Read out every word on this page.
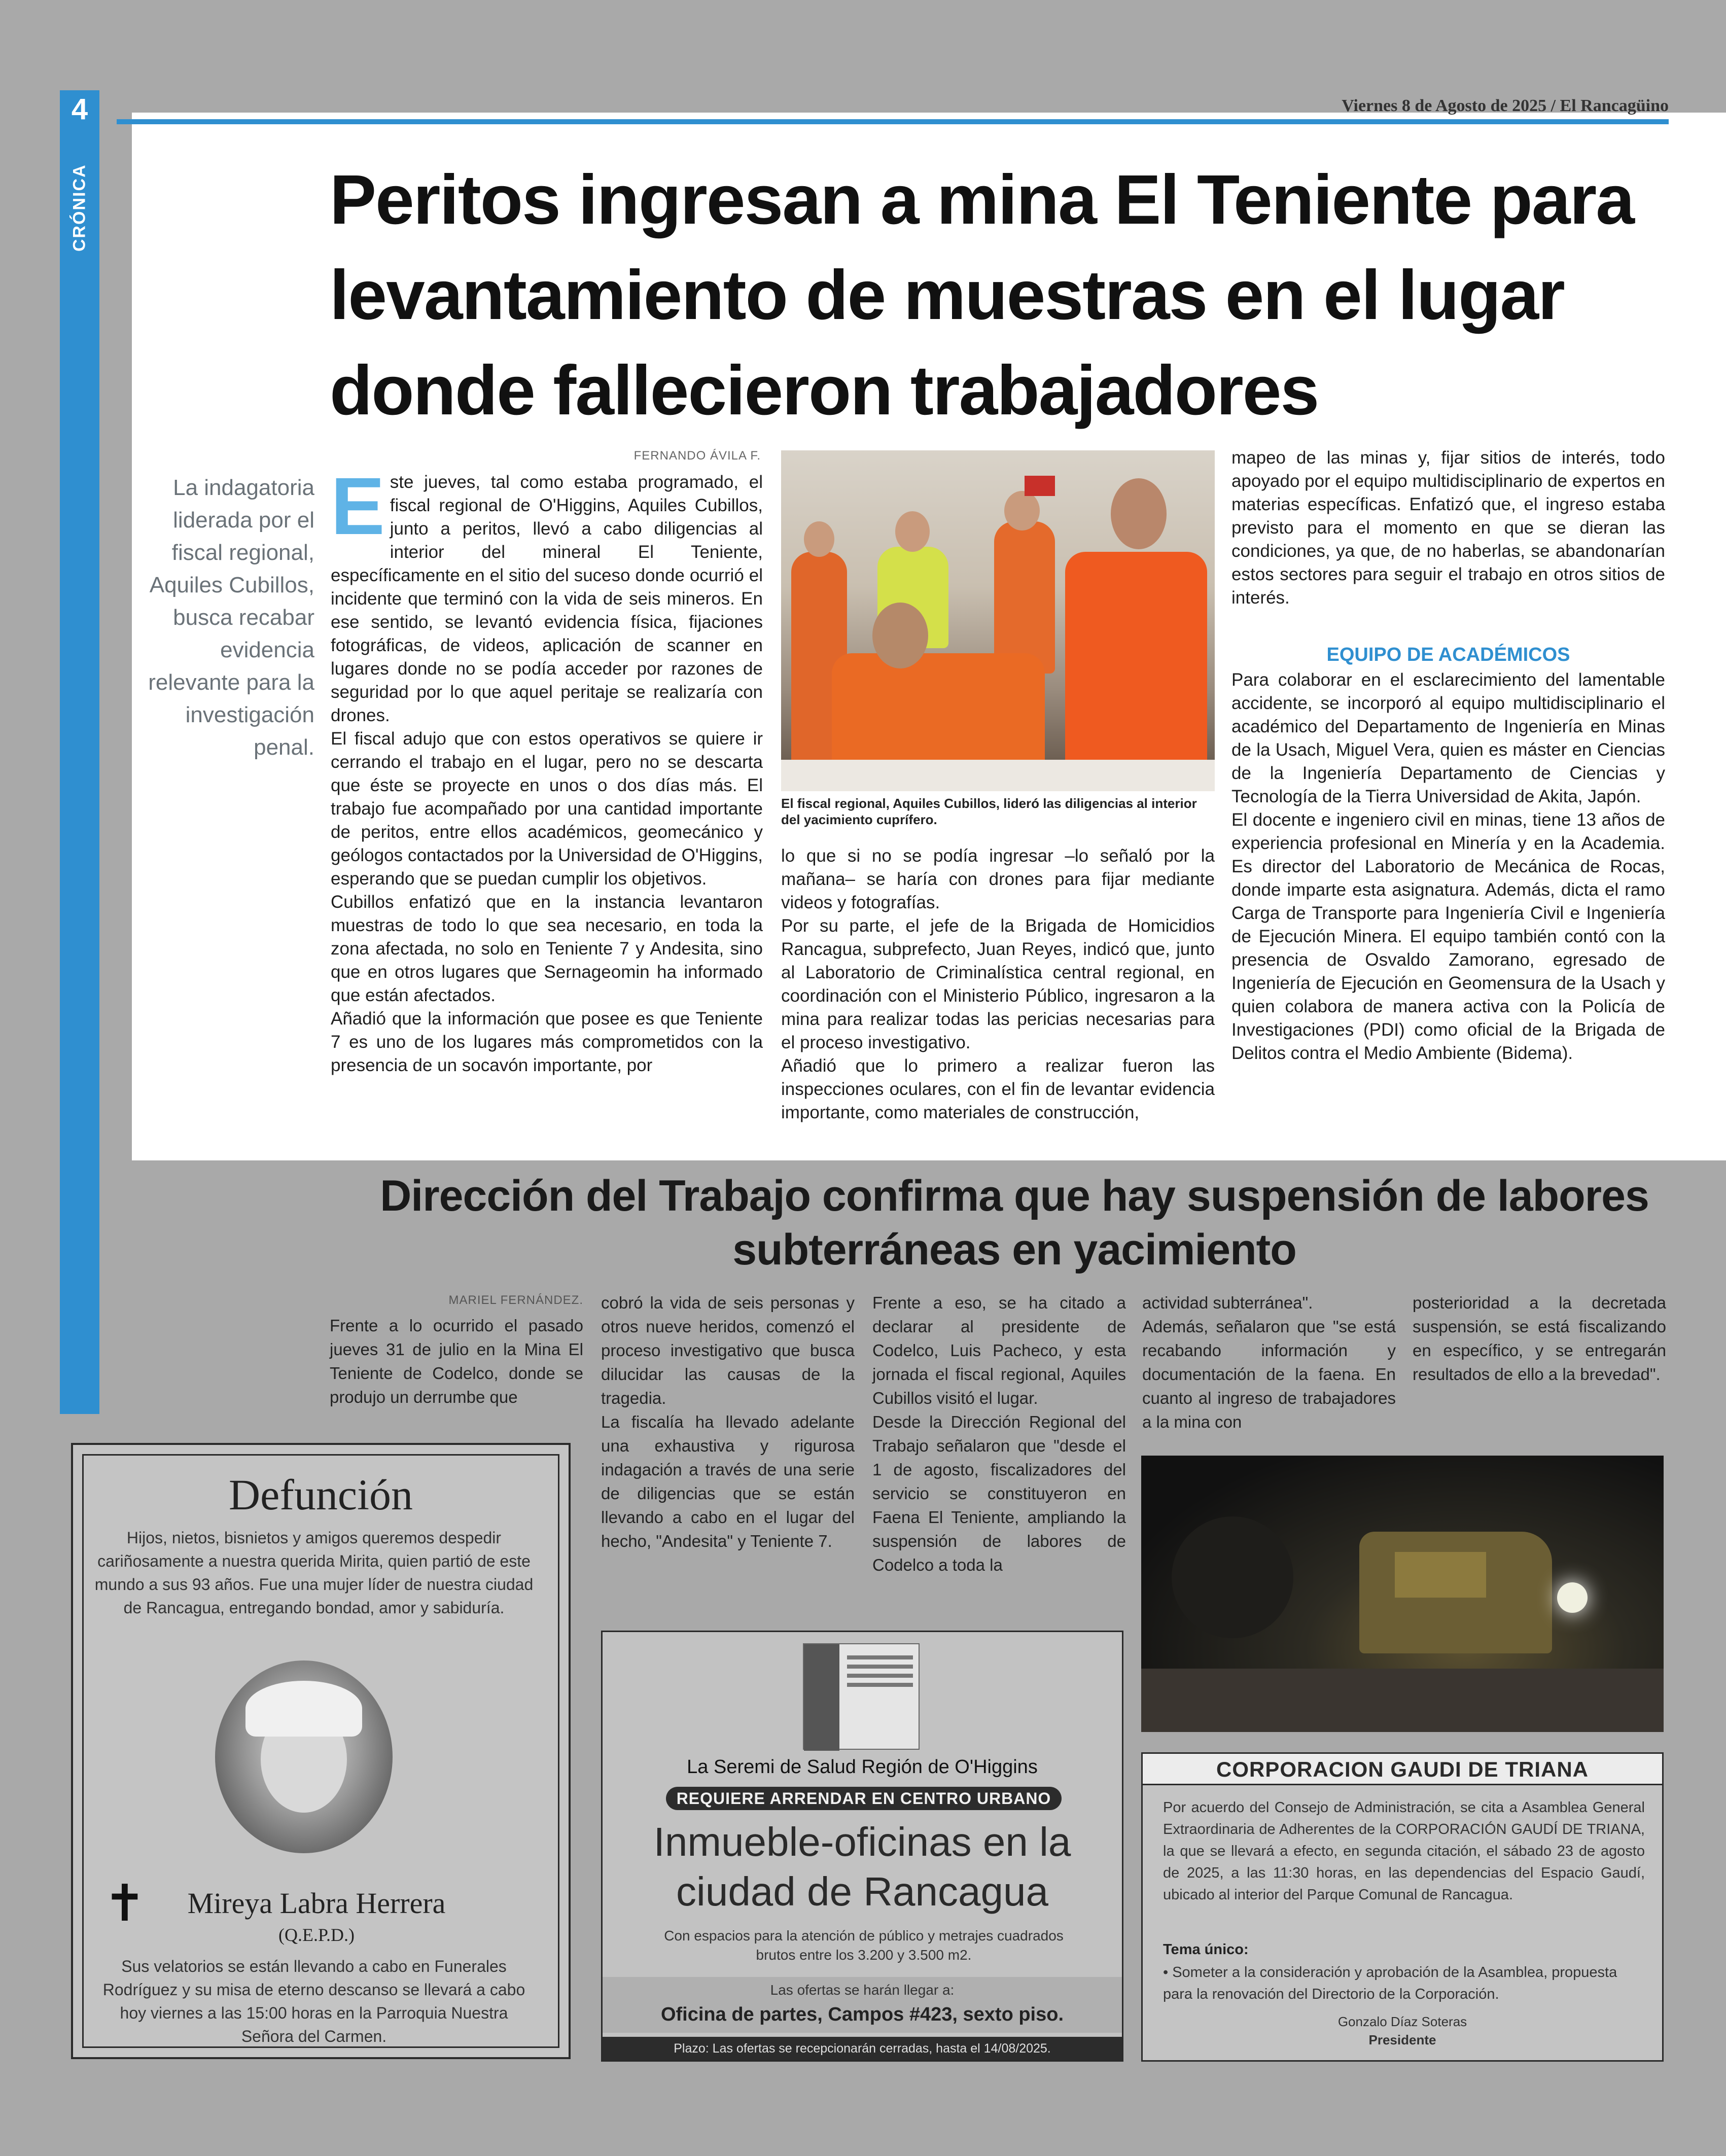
4
CRÓNICA
Viernes 8 de Agosto de 2025 / El Rancagüino
Peritos ingresan a mina El Teniente para levantamiento de muestras en el lugar donde fallecieron trabajadores
La indagatoria liderada por el fiscal regional, Aquiles Cubillos, busca recabar evidencia relevante para la investigación penal.
FERNANDO ÁVILA F.
E ste jueves, tal como estaba programado, el fiscal regional de O'Higgins, Aquiles Cubillos, junto a peritos, llevó a cabo diligencias al interior del mineral El Teniente, específicamente en el sitio del suceso donde ocurrió el incidente que terminó con la vida de seis mineros. En ese sentido, se levantó evidencia física, fijaciones fotográficas, de videos, aplicación de scanner en lugares donde no se podía acceder por razones de seguridad por lo que aquel peritaje se realizaría con drones.

El fiscal adujo que con estos operativos se quiere ir cerrando el trabajo en el lugar, pero no se descarta que éste se proyecte en unos o dos días más. El trabajo fue acompañado por una cantidad importante de peritos, entre ellos académicos, geomecánico y geólogos contactados por la Universidad de O'Higgins, esperando que se puedan cumplir los objetivos.

Cubillos enfatizó que en la instancia levantaron muestras de todo lo que sea necesario, en toda la zona afectada, no solo en Teniente 7 y Andesita, sino que en otros lugares que Sernageomin ha informado que están afectados.

Añadió que la información que posee es que Teniente 7 es uno de los lugares más comprometidos con la presencia de un socavón importante, por

El fiscal regional, Aquiles Cubillos, lideró las diligencias al interior del yacimiento cuprífero.

lo que si no se podía ingresar –lo señaló por la mañana– se haría con drones para fijar mediante videos y fotografías.

Por su parte, el jefe de la Brigada de Homicidios Rancagua, subprefecto, Juan Reyes, indicó que, junto al Laboratorio de Criminalística central regional, en coordinación con el Ministerio Público, ingresaron a la mina para realizar todas las pericias necesarias para el proceso investigativo.

Añadió que lo primero a realizar fueron las inspecciones oculares, con el fin de levantar evidencia importante, como materiales de construcción,

mapeo de las minas y, fijar sitios de interés, todo apoyado por el equipo multidisciplinario de expertos en materias específicas. Enfatizó que, el ingreso estaba previsto para el momento en que se dieran las condiciones, ya que, de no haberlas, se abandonarían estos sectores para seguir el trabajo en otros sitios de interés.

EQUIPO DE ACADÉMICOS

Para colaborar en el esclarecimiento del lamentable accidente, se incorporó al equipo multidisciplinario el académico del Departamento de Ingeniería en Minas de la Usach, Miguel Vera, quien es máster en Ciencias de la Ingeniería Departamento de Ciencias y Tecnología de la Tierra Universidad de Akita, Japón.

El docente e ingeniero civil en minas, tiene 13 años de experiencia profesional en Minería y en la Academia. Es director del Laboratorio de Mecánica de Rocas, donde imparte esta asignatura. Además, dicta el ramo Carga de Transporte para Ingeniería Civil e Ingeniería de Ejecución Minera. El equipo también contó con la presencia de Osvaldo Zamorano, egresado de Ingeniería de Ejecución en Geomensura de la Usach y quien colabora de manera activa con la Policía de Investigaciones (PDI) como oficial de la Brigada de Delitos contra el Medio Ambiente (Bidema).

Dirección del Trabajo confirma que hay suspensión de labores subterráneas en yacimiento
MARIEL FERNÁNDEZ.
Frente a lo ocurrido el pasado jueves 31 de julio en la Mina El Teniente de Codelco, donde se produjo un derrumbe que

cobró la vida de seis personas y otros nueve heridos, comenzó el proceso investigativo que busca dilucidar las causas de la tragedia.

La fiscalía ha llevado adelante una exhaustiva y rigurosa indagación a través de una serie de diligencias que se están llevando a cabo en el lugar del hecho, "Andesita" y Teniente 7.

Frente a eso, se ha citado a declarar al presidente de Codelco, Luis Pacheco, y esta jornada el fiscal regional, Aquiles Cubillos visitó el lugar.

Desde la Dirección Regional del Trabajo señalaron que "desde el 1 de agosto, fiscalizadores del servicio se constituyeron en Faena El Teniente, ampliando la suspensión de labores de Codelco a toda la

actividad subterránea".

Además, señalaron que "se está recabando información y documentación de la faena. En cuanto al ingreso de trabajadores a la mina con

posterioridad a la decretada suspensión, se está fiscalizando en específico, y se entregarán resultados de ello a la brevedad".

Defunción
Hijos, nietos, bisnietos y amigos queremos despedir cariñosamente a nuestra querida Mirita, quien partió de este mundo a sus 93 años. Fue una mujer líder de nuestra ciudad de Rancagua, entregando bondad, amor y sabiduría.
✝	Mireya Labra Herrera
(Q.E.P.D.)
Sus velatorios se están llevando a cabo en Funerales Rodríguez y su misa de eterno descanso se llevará a cabo hoy viernes a las 15:00 horas en la Parroquia Nuestra Señora del Carmen.
La Seremi de Salud Región de O'Higgins
REQUIERE ARRENDAR EN CENTRO URBANO
Inmueble-oficinas en la ciudad de Rancagua
Con espacios para la atención de público y metrajes cuadrados brutos entre los 3.200 y 3.500 m2.
Las ofertas se harán llegar a:
Oficina de partes, Campos #423, sexto piso.
Plazo: Las ofertas se recepcionarán cerradas, hasta el 14/08/2025.
CORPORACION GAUDI DE TRIANA
Por acuerdo del Consejo de Administración, se cita a Asamblea General Extraordinaria de Adherentes de la CORPORACIÓN GAUDÍ DE TRIANA, la que se llevará a efecto, en segunda citación, el sábado 23 de agosto de 2025, a las 11:30 horas, en las dependencias del Espacio Gaudí, ubicado al interior del Parque Comunal de Rancagua.
Tema único:
• Someter a la consideración y aprobación de la Asamblea, propuesta para la renovación del Directorio de la Corporación.
Gonzalo Díaz Soteras
Presidente
